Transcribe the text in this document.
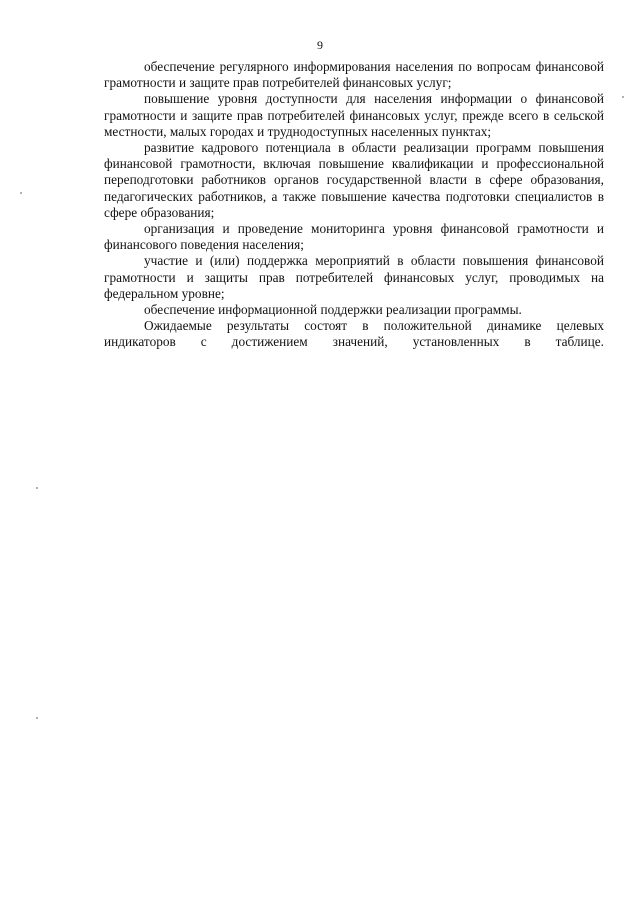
9

обеспечение регулярного информирования населения по вопросам финансовой грамотности и защите прав потребителей финансовых услуг;

повышение уровня доступности для населения информации о финансовой грамотности и защите прав потребителей финансовых услуг, прежде всего в сельской местности, малых городах и труднодоступных населенных пунктах;

развитие кадрового потенциала в области реализации программ повышения финансовой грамотности, включая повышение квалификации и профессиональной переподготовки работников органов государственной власти в сфере образования, педагогических работников, а также повышение качества подготовки специалистов в сфере образования;

организация и проведение мониторинга уровня финансовой грамотности и финансового поведения населения;

участие и (или) поддержка мероприятий в области повышения финансовой грамотности и защиты прав потребителей финансовых услуг, проводимых на федеральном уровне;

обеспечение информационной поддержки реализации программы.

Ожидаемые результаты состоят в положительной динамике целевых индикаторов с достижением значений, установленных в таблице.
